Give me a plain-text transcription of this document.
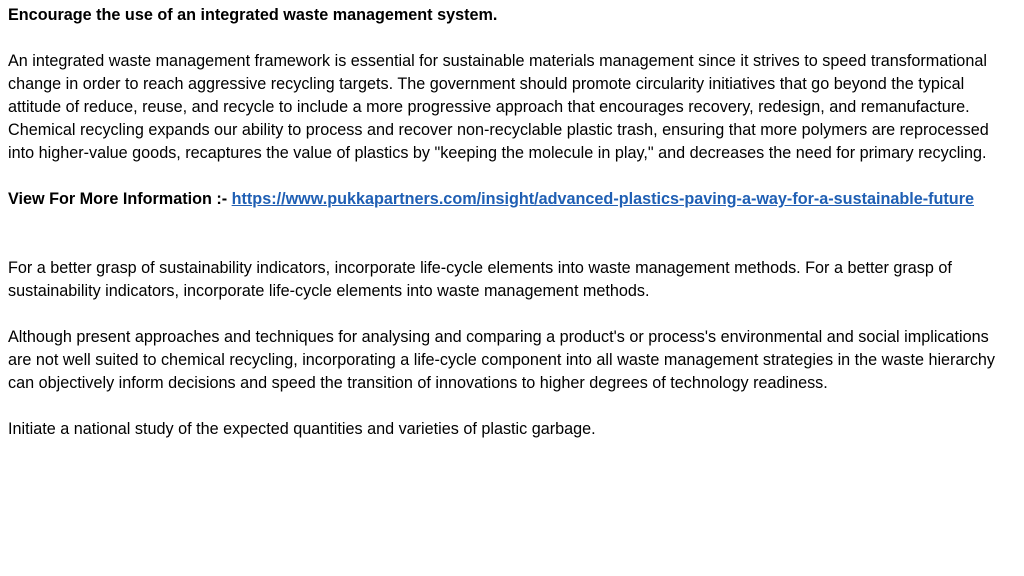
Encourage the use of an integrated waste management system.

An integrated waste management framework is essential for sustainable materials management since it strives to speed transformational change in order to reach aggressive recycling targets. The government should promote circularity initiatives that go beyond the typical attitude of reduce, reuse, and recycle to include a more progressive approach that encourages recovery, redesign, and remanufacture. Chemical recycling expands our ability to process and recover non-recyclable plastic trash, ensuring that more polymers are reprocessed into higher-value goods, recaptures the value of plastics by "keeping the molecule in play," and decreases the need for primary recycling.

View For More Information :- https://www.pukkapartners.com/insight/advanced-plastics-paving-a-way-for-a-sustainable-future

For a better grasp of sustainability indicators, incorporate life-cycle elements into waste management methods. For a better grasp of sustainability indicators, incorporate life-cycle elements into waste management methods.

Although present approaches and techniques for analysing and comparing a product's or process's environmental and social implications are not well suited to chemical recycling, incorporating a life-cycle component into all waste management strategies in the waste hierarchy can objectively inform decisions and speed the transition of innovations to higher degrees of technology readiness.

Initiate a national study of the expected quantities and varieties of plastic garbage.
